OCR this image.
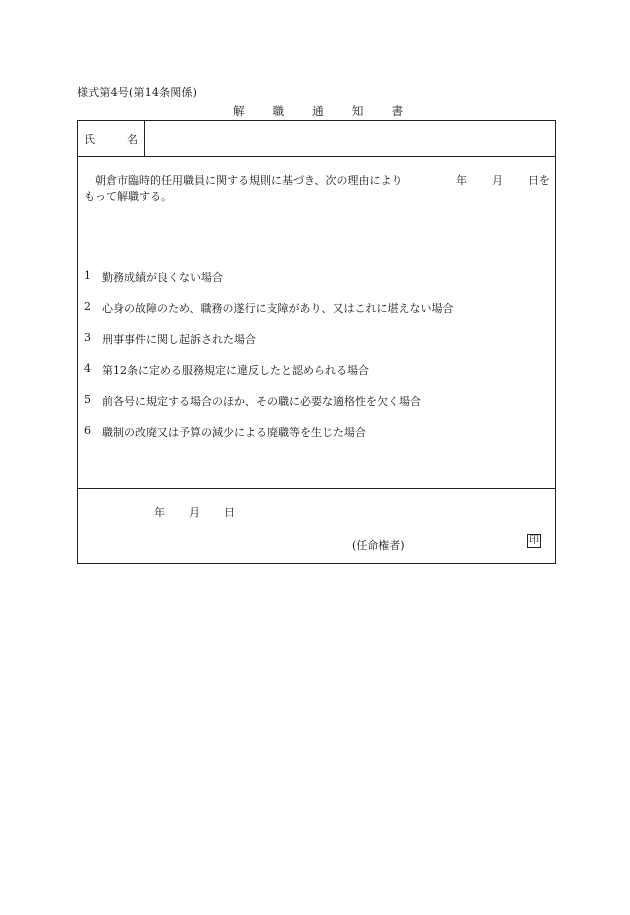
様式第4号(第14条関係)
解 職 通 知 書
氏	名
朝倉市臨時的任用職員に関する規則に基づき、次の理由により	年 月 日を
もって解職する。
1	勤務成績が良くない場合
2	心身の故障のため、職務の遂行に支障があり、又はこれに堪えない場合
3	刑事事件に関し起訴された場合
4	第12条に定める服務規定に違反したと認められる場合
5	前各号に規定する場合のほか、その職に必要な適格性を欠く場合
6	職制の改廃又は予算の減少による廃職等を生じた場合
年 月 日
(任命権者)	印
